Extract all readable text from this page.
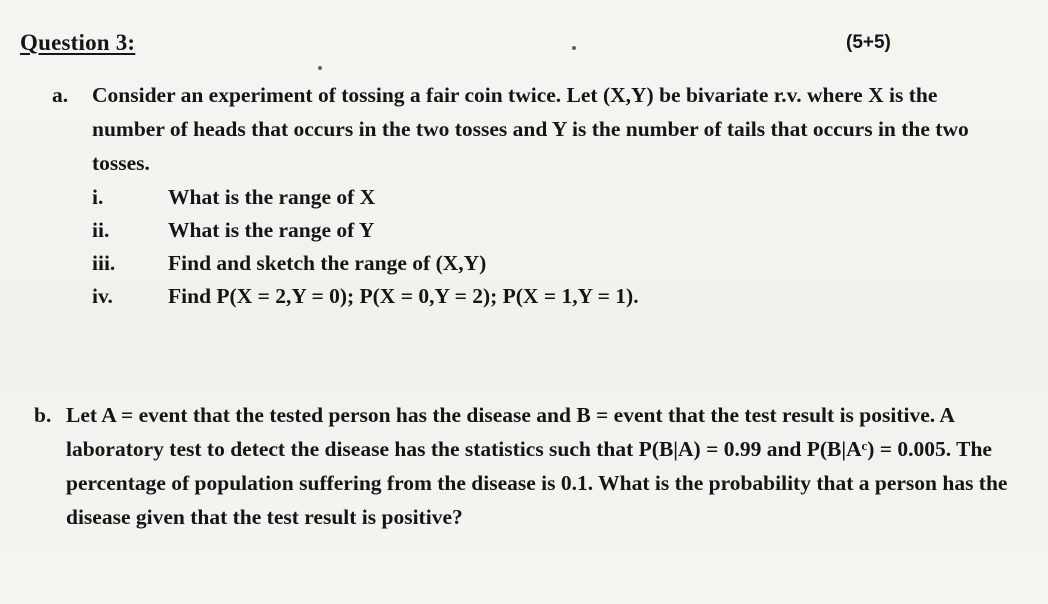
Question 3:	(5+5)
a. Consider an experiment of tossing a fair coin twice. Let (X,Y) be bivariate r.v. where X is the number of heads that occurs in the two tosses and Y is the number of tails that occurs in the two tosses.
i.	What is the range of X
ii.	What is the range of Y
iii. Find and sketch the range of (X,Y)
iv.	Find P(X = 2,Y = 0); P(X = 0,Y = 2); P(X = 1,Y = 1).
b. Let A = event that the tested person has the disease and B = event that the test result is positive. A laboratory test to detect the disease has the statistics such that P(B|A) = 0.99 and P(B|Aᶜ) = 0.005. The percentage of population suffering from the disease is 0.1. What is the probability that a person has the disease given that the test result is positive?
